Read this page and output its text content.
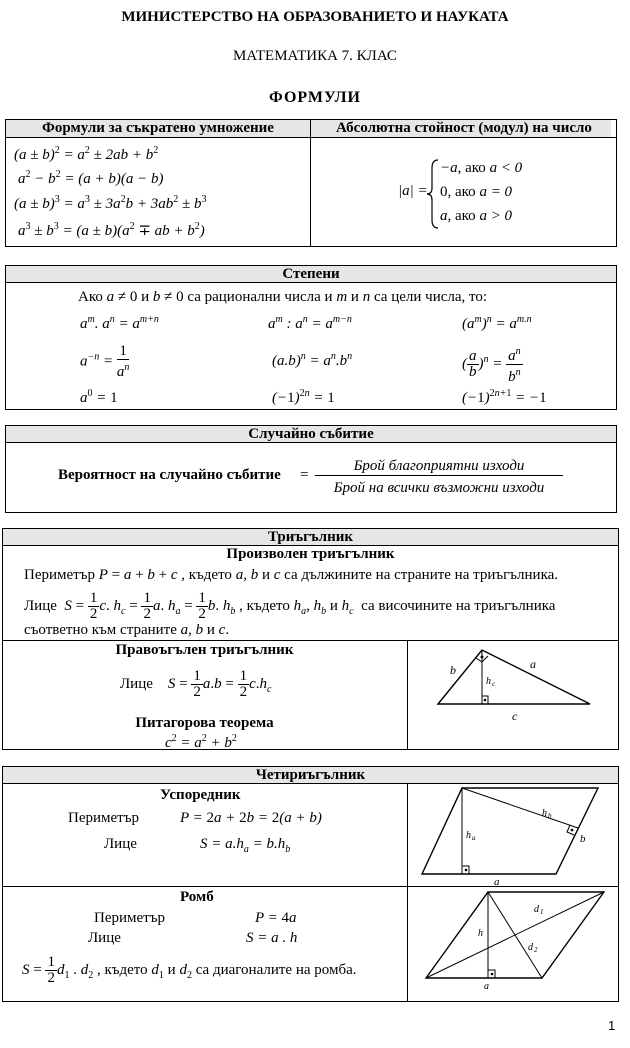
МИНИСТЕРСТВО НА ОБРАЗОВАНИЕТО И НАУКАТА
МАТЕМАТИКА 7. КЛАС
ФОРМУЛИ
Формули за съкратено умножение	Абсолютна стойност (модул) на число
$(a \pm b)^2 = a^2 \pm 2ab + b^2$
$a^2 - b^2 = (a + b)(a - b)$
$(a \pm b)^3 = a^3 \pm 3a^2b + 3ab^2 \pm b^3$
$a^3 \pm b^3 = (a \pm b)(a^2$ ∓ ab + $b^2$)
|a| =
−a, ако a < 0
0, ако a = 0
a, ако a > 0
Степени
Ако a ≠ 0 и b ≠ 0 са рационални числа и m и n са цели числа, то:
$a^m$. $a^n = a^{m+n}$	$a^m$ : $a^n = a^{m-n}$	$(a^m)^n = a^{m.n}$
$a^{-n} = \frac{1}{a^n}$	$(a.b)^n = a^n.b^n$	( $\frac{a}{b} )^n = \frac{a^n}{b^n}$
$a^0 = 1$	$(-1)^{2n} = 1$	$(-1)^{2n+1} = -1$
Случайно събитие
Вероятност на случайно събитие =
Брой благоприятни изходи
Брой на всички възможни изходи
Триъгълник
Произволен триъгълник
Периметър P = a + b + c , където a, b и c са дължините на страните на триъгълника.
Лице $S = \frac{1}{2} c$. $h_c = \frac{1}{2} a$. $h_a = \frac{1}{2} b$. $h_b$ , където $h_a$, $h_b$ и $h_c$ са височините на триъгълника
съответно към страните a, b и c.
Правоъгълен триъгълник
Лице $S = \frac{1}{2} a.b = \frac{1}{2} c.h_c$
Питагорова теорема
$c^2 = a^2 + b^2$
b	a
h c
c
Четириъгълник
Успоредник
Периметър	P = 2a + 2b = 2(a + b)
Лице	$S = a.h_a = b.h_b$
h a
h b
b
a
Ромб
Периметър	P = 4a
Лице	S = a . h
$S = \frac{1}{2} d_1$ . $d_2$ , където $d_1$ и $d_2$ са диагоналите на ромба.
h
d 1
d 2
a
1
